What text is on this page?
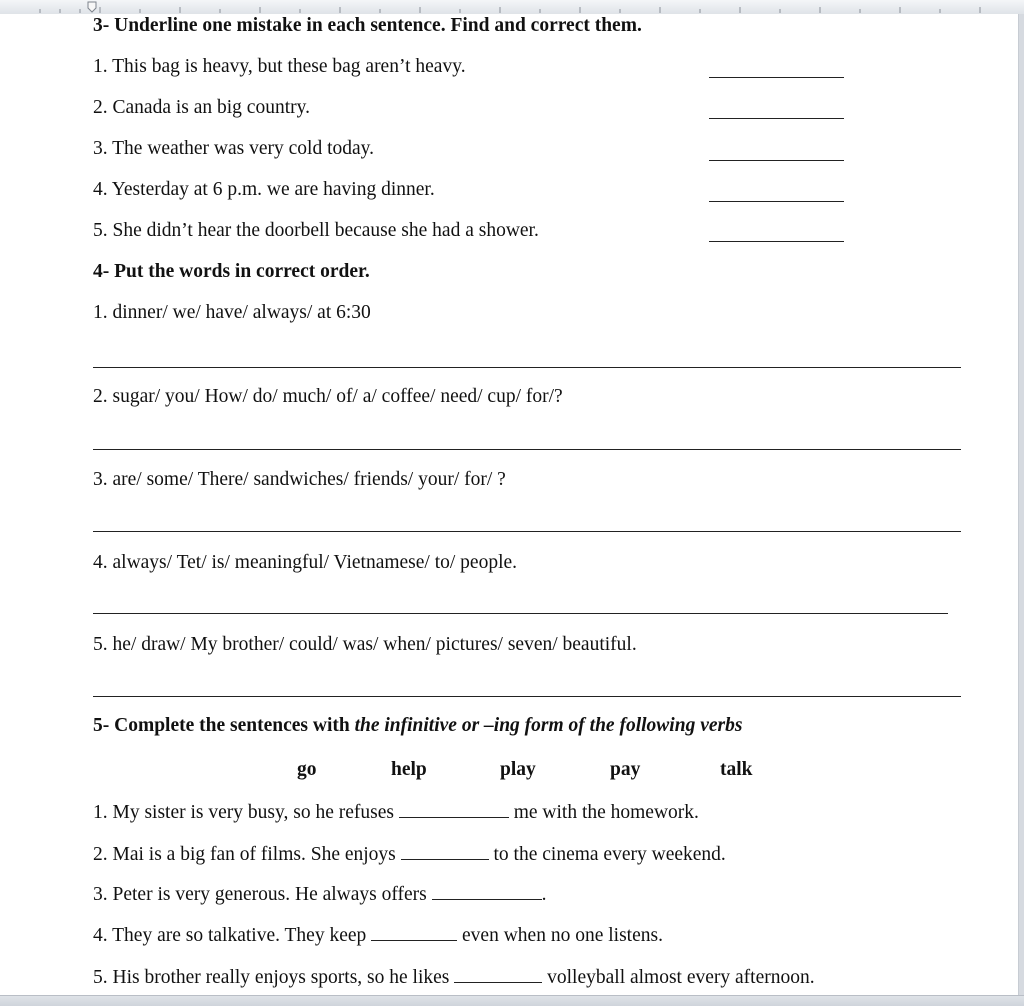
3- Underline one mistake in each sentence. Find and correct them.
1. This bag is heavy, but these bag aren’t heavy.
2. Canada is an big country.
3. The weather was very cold today.
4. Yesterday at 6 p.m. we are having dinner.
5. She didn’t hear the doorbell because she had a shower.
4- Put the words in correct order.
1. dinner/ we/ have/ always/ at 6:30
2. sugar/ you/ How/ do/ much/ of/ a/ coffee/ need/ cup/ for/?
3. are/ some/ There/ sandwiches/ friends/ your/ for/ ?
4. always/ Tet/ is/ meaningful/ Vietnamese/ to/ people.
5. he/ draw/ My brother/ could/ was/ when/ pictures/ seven/ beautiful.
5- Complete the sentences with the infinitive or –ing form of the following verbs
go	help	play	pay	talk
1. My sister is very busy, so he refuses	me with the homework.
2. Mai is a big fan of films. She enjoys	to the cinema every weekend.
3. Peter is very generous. He always offers	.
4. They are so talkative. They keep	even when no one listens.
5. His brother really enjoys sports, so he likes	volleyball almost every afternoon.
